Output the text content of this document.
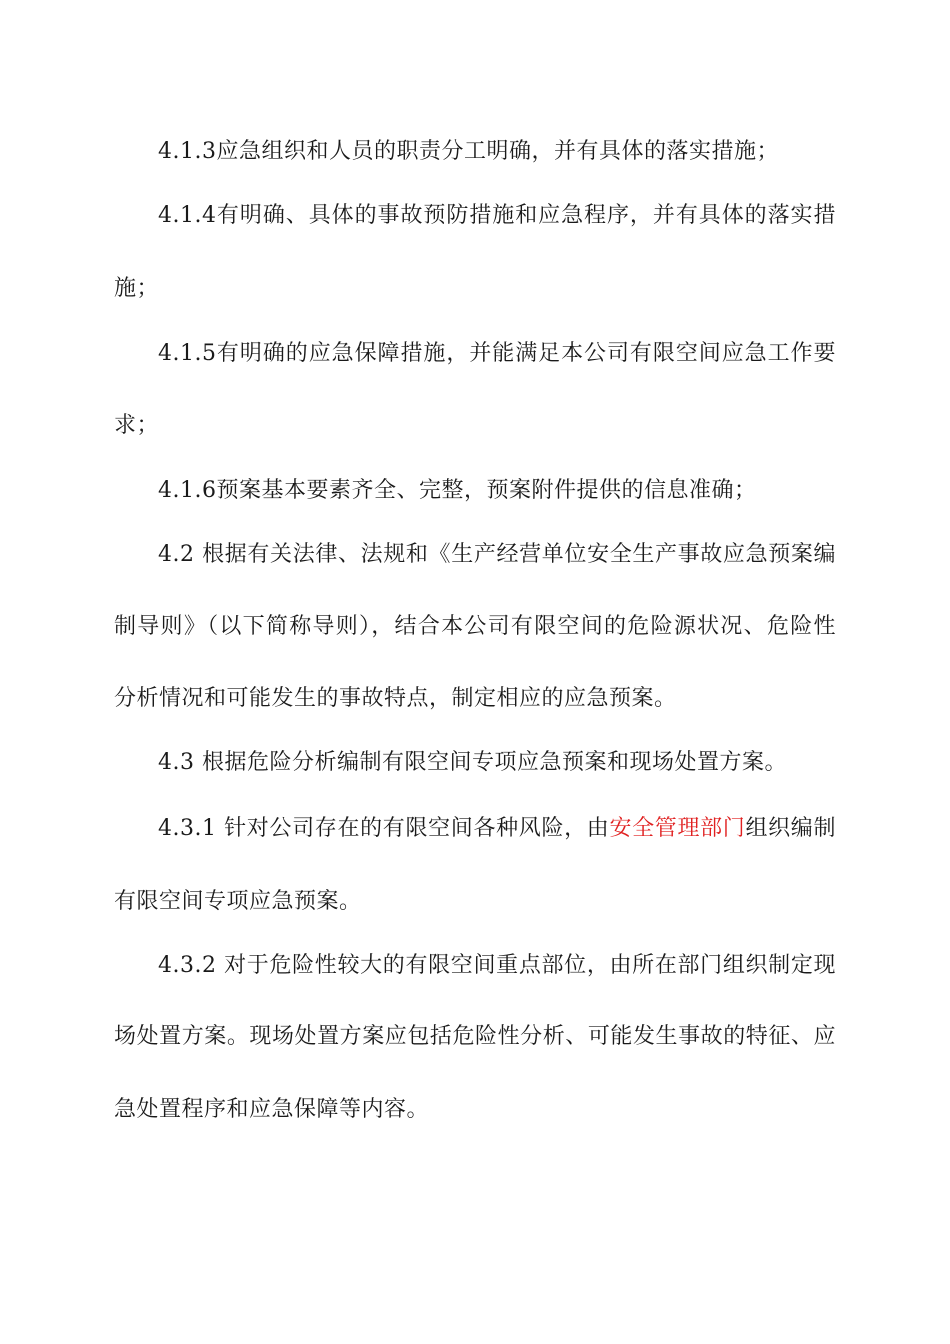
4.1.3应急组织和人员的职责分工明确，并有具体的落实措施；
4.1.4有明确、具体的事故预防措施和应急程序，并有具体的落实措
施；
4.1.5有明确的应急保障措施，并能满足本公司有限空间应急工作要
求；
4.1.6预案基本要素齐全、完整，预案附件提供的信息准确；
4.2 根据有关法律、法规和《生产经营单位安全生产事故应急预案编
制导则》（以下简称导则），结合本公司有限空间的危险源状况、危险性
分析情况和可能发生的事故特点，制定相应的应急预案。
4.3 根据危险分析编制有限空间专项应急预案和现场处置方案。
4.3.1 针对公司存在的有限空间各种风险，由安全管理部门组织编制
有限空间专项应急预案。
4.3.2 对于危险性较大的有限空间重点部位，由所在部门组织制定现
场处置方案。现场处置方案应包括危险性分析、可能发生事故的特征、应
急处置程序和应急保障等内容。
